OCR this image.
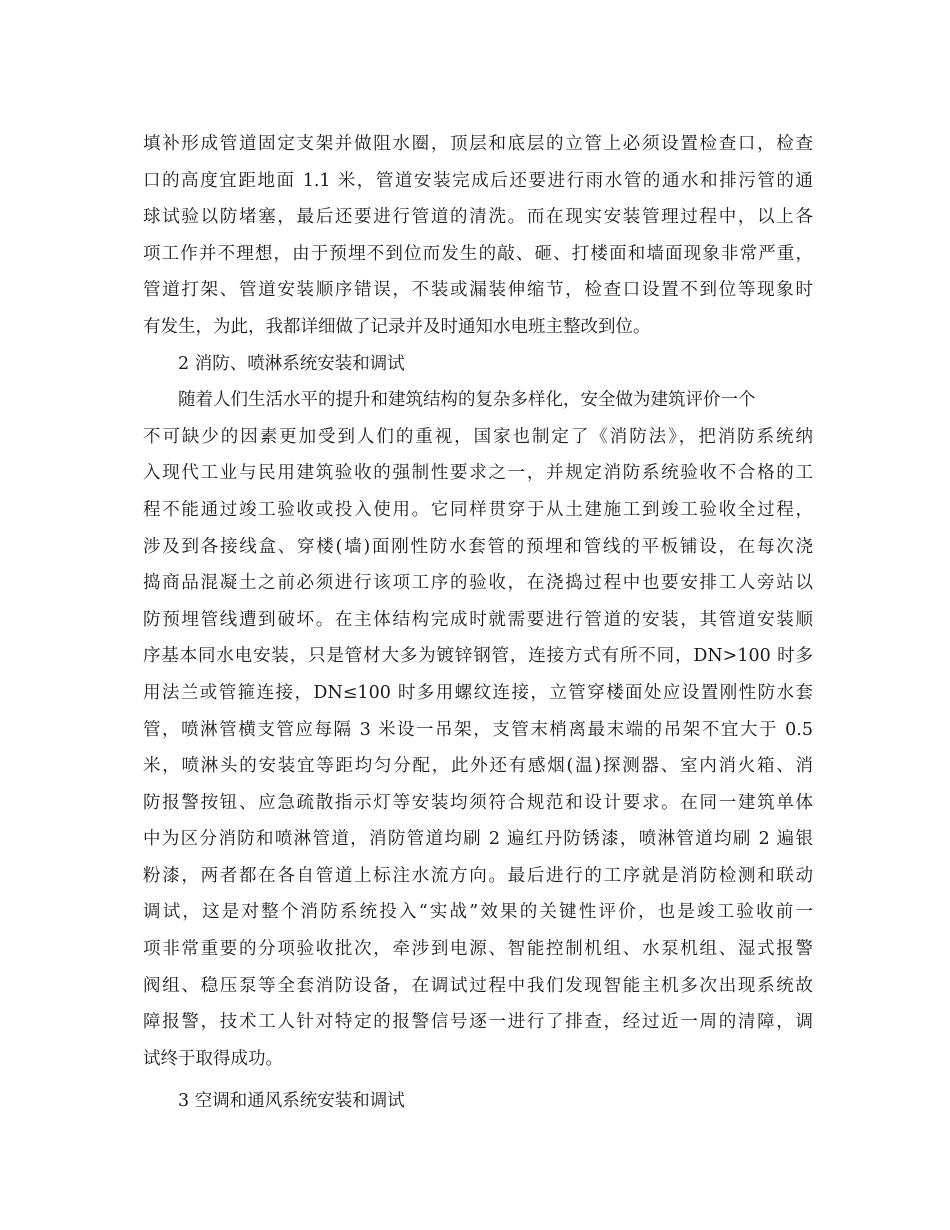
填补形成管道固定支架并做阻水圈，顶层和底层的立管上必须设置检查口，检查
口的高度宜距地面 1.1 米，管道安装完成后还要进行雨水管的通水和排污管的通
球试验以防堵塞，最后还要进行管道的清洗。而在现实安装管理过程中，以上各
项工作并不理想，由于预埋不到位而发生的敲、砸、打楼面和墙面现象非常严重，
管道打架、管道安装顺序错误，不装或漏装伸缩节，检查口设置不到位等现象时
有发生，为此，我都详细做了记录并及时通知水电班主整改到位。
2 消防、喷淋系统安装和调试
随着人们生活水平的提升和建筑结构的复杂多样化，安全做为建筑评价一个
不可缺少的因素更加受到人们的重视，国家也制定了《消防法》，把消防系统纳
入现代工业与民用建筑验收的强制性要求之一，并规定消防系统验收不合格的工
程不能通过竣工验收或投入使用。它同样贯穿于从土建施工到竣工验收全过程，
涉及到各接线盒、穿楼(墙)面刚性防水套管的预埋和管线的平板铺设，在每次浇
捣商品混凝土之前必须进行该项工序的验收，在浇捣过程中也要安排工人旁站以
防预埋管线遭到破坏。在主体结构完成时就需要进行管道的安装，其管道安装顺
序基本同水电安装，只是管材大多为镀锌钢管，连接方式有所不同，DN>100 时多
用法兰或管箍连接，DN≤100 时多用螺纹连接，立管穿楼面处应设置刚性防水套
管，喷淋管横支管应每隔 3 米设一吊架，支管末梢离最末端的吊架不宜大于 0.5
米，喷淋头的安装宜等距均匀分配，此外还有感烟(温)探测器、室内消火箱、消
防报警按钮、应急疏散指示灯等安装均须符合规范和设计要求。在同一建筑单体
中为区分消防和喷淋管道，消防管道均刷 2 遍红丹防锈漆，喷淋管道均刷 2 遍银
粉漆，两者都在各自管道上标注水流方向。最后进行的工序就是消防检测和联动
调试，这是对整个消防系统投入“实战”效果的关键性评价，也是竣工验收前一
项非常重要的分项验收批次，牵涉到电源、智能控制机组、水泵机组、湿式报警
阀组、稳压泵等全套消防设备，在调试过程中我们发现智能主机多次出现系统故
障报警，技术工人针对特定的报警信号逐一进行了排查，经过近一周的清障，调
试终于取得成功。
3 空调和通风系统安装和调试
